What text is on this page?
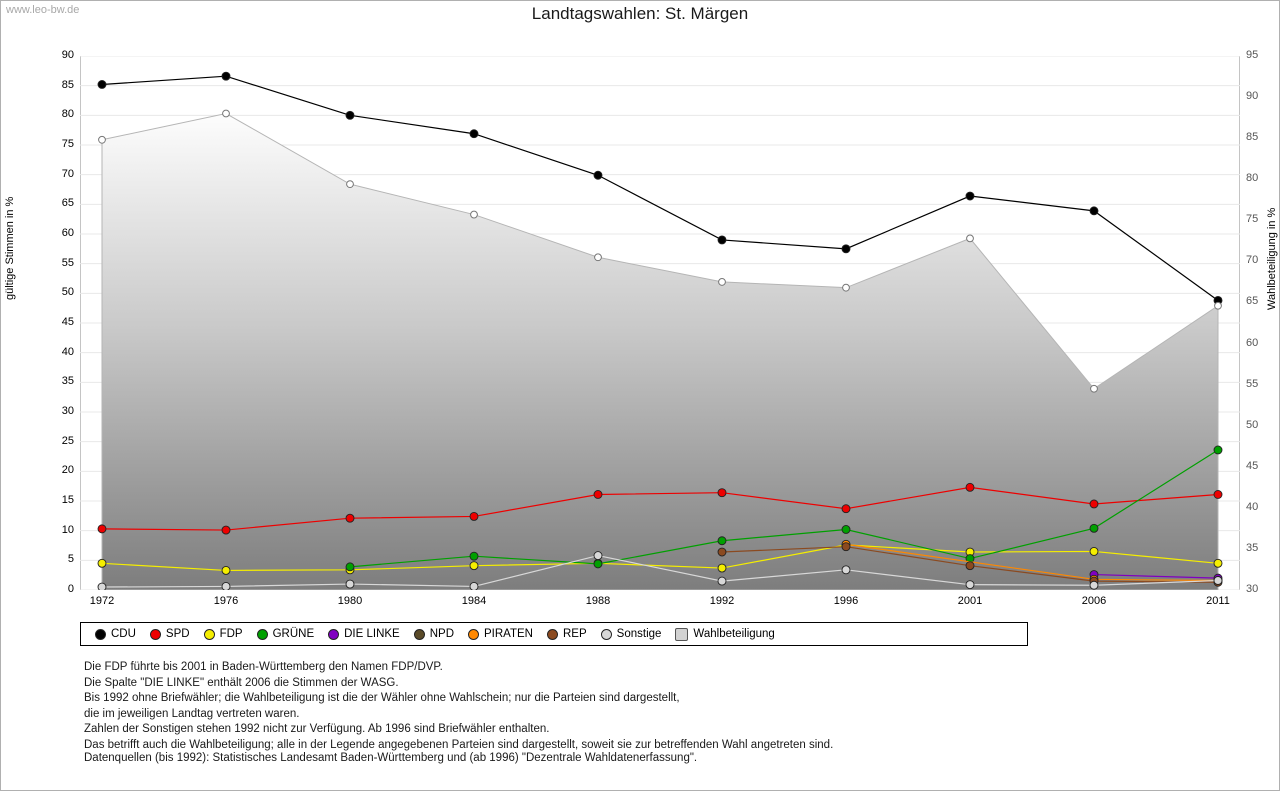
www.leo-bw.de	Landtagswahlen: St. Märgen
gültige Stimmen in %	Wahlbeteiligung in %
0
5
10
15
20
25
30
35
40
45
50
55
60
65
70
75
80
85
90
30
35
40
45
50
55
60
65
70
75
80
85
90
95
1972	1976	1980	1984	1988	1992	1996	2001	2006	2011
CDU	SPD	FDP	GRÜNE	DIE LINKE	NPD	PIRATEN	REP	Sonstige	Wahlbeteiligung
Die FDP führte bis 2001 in Baden-Württemberg den Namen FDP/DVP.
Die Spalte "DIE LINKE" enthält 2006 die Stimmen der WASG.
Bis 1992 ohne Briefwähler; die Wahlbeteiligung ist die der Wähler ohne Wahlschein; nur die Parteien sind dargestellt,
die im jeweiligen Landtag vertreten waren.
Zahlen der Sonstigen stehen 1992 nicht zur Verfügung. Ab 1996 sind Briefwähler enthalten.
Das betrifft auch die Wahlbeteiligung; alle in der Legende angegebenen Parteien sind dargestellt, soweit sie zur betreffenden Wahl angetreten sind.
Datenquellen (bis 1992): Statistisches Landesamt Baden-Württemberg und (ab 1996) "Dezentrale Wahldatenerfassung".
